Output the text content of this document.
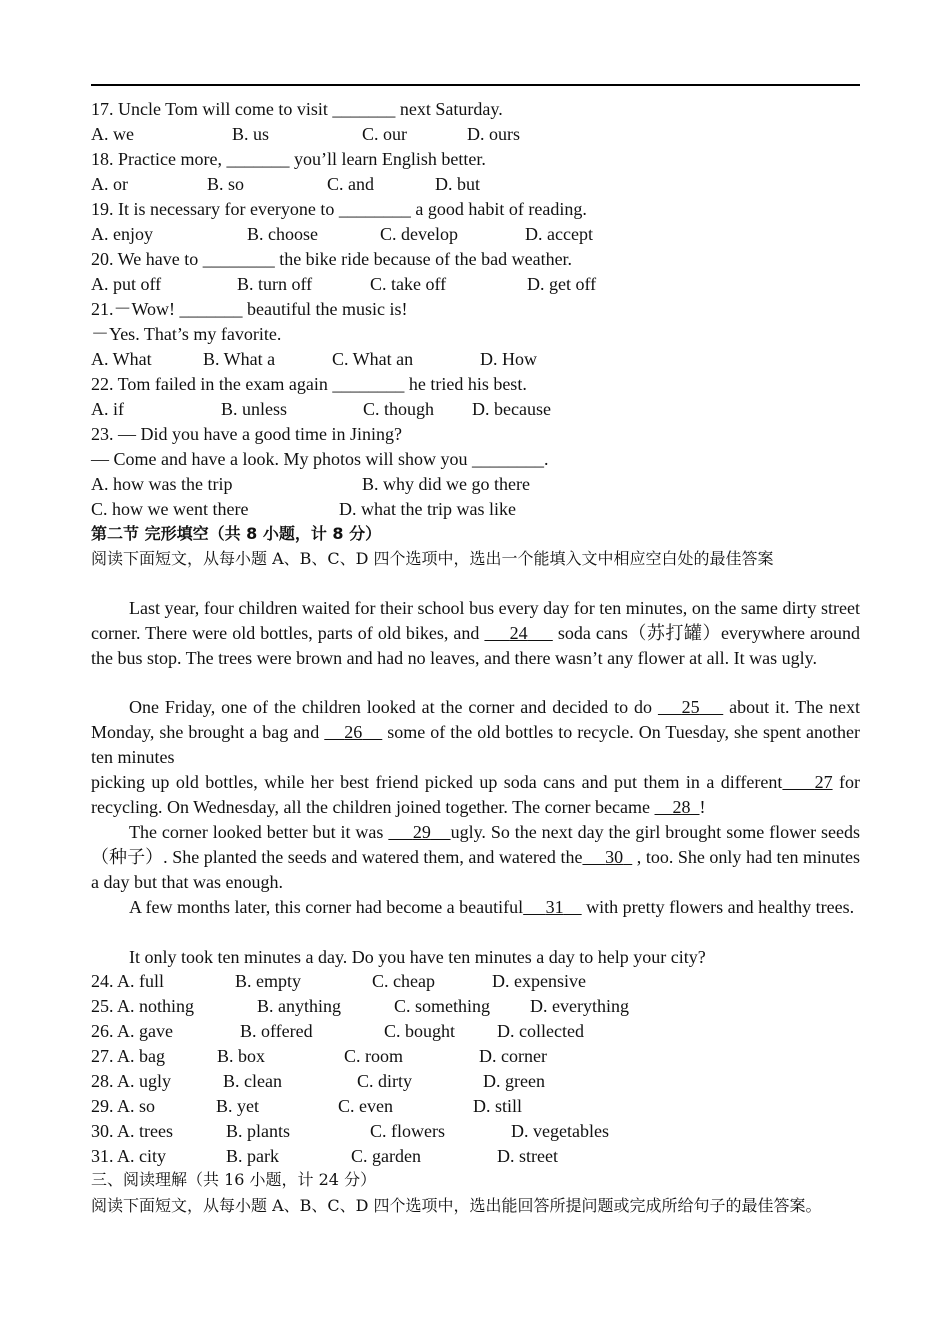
17. Uncle Tom will come to visit _______ next Saturday.

A. we

	B. us

	C. our

	D. ours

18. Practice more, _______ you’ll learn English better.

A. or

	B. so

	C. and

	D. but

19. It is necessary for everyone to ________ a good habit of reading.

A. enjoy

	B. choose

	C. develop

	D. accept

20. We have to ________ the bike ride because of the bad weather.

A. put off

	B. turn off

	C. take off

	D. get off

21.－Wow! _______ beautiful the music is!
－Yes. That’s my favorite.

A. What

	B. What a

	C. What an

	D. How

22. Tom failed in the exam again ________ he tried his best.

A. if

	B. unless

	C. though

D. because

23. — Did you have a good time in Jining?
— Come and have a look. My photos will show you ________.

A. how was the trip

	B. why did we go there

C. how we went there

	D. what the trip was like

第二节 完形填空（共 8 小题，计 8 分）
阅读下面短文，从每小题 A、B、C、D 四个选项中，选出一个能填入文中相应空白处的最佳答案
Last year, four children waited for their school bus every day for ten minutes, on the same dirty street corner. There were old bottles, parts of old bikes, and      24      soda cans（苏打罐）everywhere around the bus stop. The trees were brown and had no leaves, and there wasn’t any flower at all. It was ugly.
One Friday, one of the children looked at the corner and decided to do     25     about it. The next Monday, she brought a bag and     26     some of the old bottles to recycle. On Tuesday, she spent another ten minutes
picking up old bottles, while her best friend picked up soda cans and put them in a different 27 for recycling. On Wednesday, all the children joined together. The corner became     28 !
The corner looked better but it was      29 ugly. So the next day the girl brought some flower seeds（种子）. She planted the seeds and watered them, and watered the 30   , too. She only had ten minutes a day but that was enough.
A few months later, this corner had become a beautiful 31     with pretty flowers and healthy trees.
It only took ten minutes a day. Do you have ten minutes a day to help your city?

24. A. full

	B. empty

	C. cheap

	D. expensive

25. A. nothing

	B. anything

	C. something

D. everything

26. A. gave

	B. offered

	C. bought

D. collected

27. A. bag

	B. box

	C. room

	D. corner

28. A. ugly

	B. clean

	C. dirty

	D. green

29. A. so

	B. yet

	C. even

	D. still

30. A. trees

	B. plants

	C. flowers

	D. vegetables

31. A. city

	B. park

	C. garden

	D. street

三、阅读理解（共 16 小题，计 24 分）
阅读下面短文，从每小题 A、B、C、D 四个选项中，选出能回答所提问题或完成所给句子的最佳答案。
